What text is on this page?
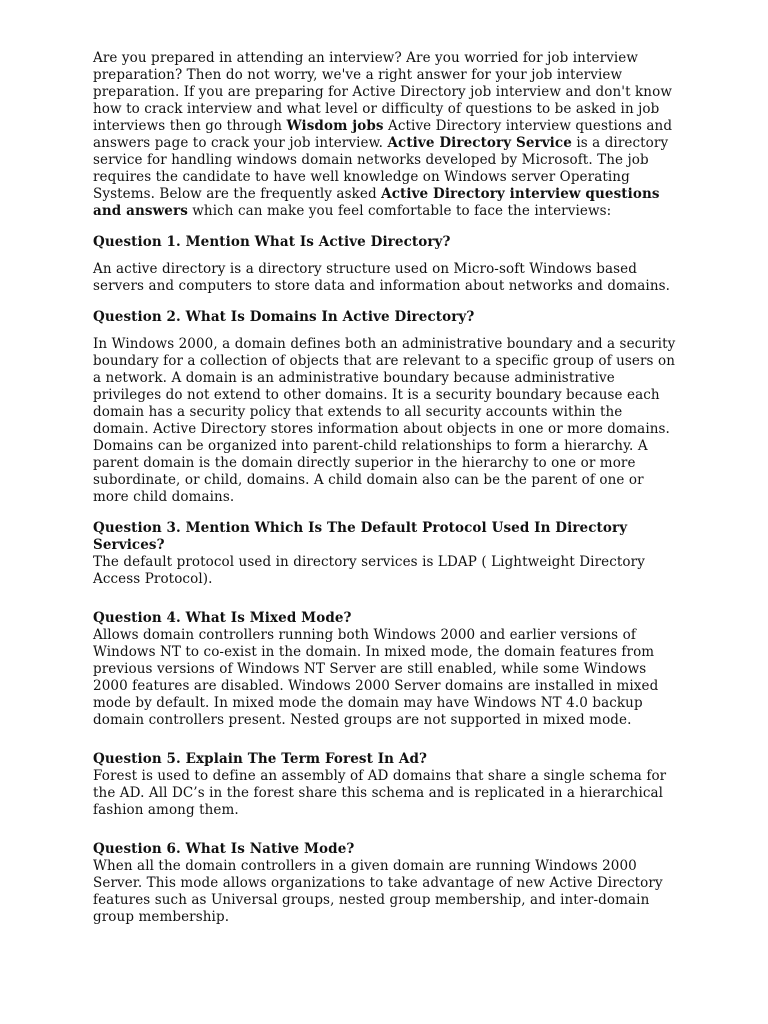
Are you prepared in attending an interview? Are you worried for job interview preparation? Then do not worry, we've a right answer for your job interview preparation. If you are preparing for Active Directory job interview and don't know how to crack interview and what level or difficulty of questions to be asked in job interviews then go through Wisdom jobs Active Directory interview questions and answers page to crack your job interview. Active Directory Service is a directory service for handling windows domain networks developed by Microsoft. The job requires the candidate to have well knowledge on Windows server Operating Systems. Below are the frequently asked Active Directory interview questions and answers which can make you feel comfortable to face the interviews:

Question 1. Mention What Is Active Directory?

An active directory is a directory structure used on Micro-soft Windows based servers and computers to store data and information about networks and domains.

Question 2. What Is Domains In Active Directory?

In Windows 2000, a domain defines both an administrative boundary and a security boundary for a collection of objects that are relevant to a specific group of users on a network. A domain is an administrative boundary because administrative privileges do not extend to other domains. It is a security boundary because each domain has a security policy that extends to all security accounts within the domain. Active Directory stores information about objects in one or more domains.

Domains can be organized into parent-child relationships to form a hierarchy. A parent domain is the domain directly superior in the hierarchy to one or more subordinate, or child, domains. A child domain also can be the parent of one or more child domains.

Question 3. Mention Which Is The Default Protocol Used In Directory Services?

The default protocol used in directory services is LDAP ( Lightweight Directory Access Protocol).

Question 4. What Is Mixed Mode?

Allows domain controllers running both Windows 2000 and earlier versions of Windows NT to co-exist in the domain. In mixed mode, the domain features from previous versions of Windows NT Server are still enabled, while some Windows 2000 features are disabled. Windows 2000 Server domains are installed in mixed mode by default. In mixed mode the domain may have Windows NT 4.0 backup domain controllers present. Nested groups are not supported in mixed mode.

Question 5. Explain The Term Forest In Ad?

Forest is used to define an assembly of AD domains that share a single schema for the AD. All DC’s in the forest share this schema and is replicated in a hierarchical fashion among them.

Question 6. What Is Native Mode?

When all the domain controllers in a given domain are running Windows 2000 Server. This mode allows organizations to take advantage of new Active Directory features such as Universal groups, nested group membership, and inter-domain group membership.
